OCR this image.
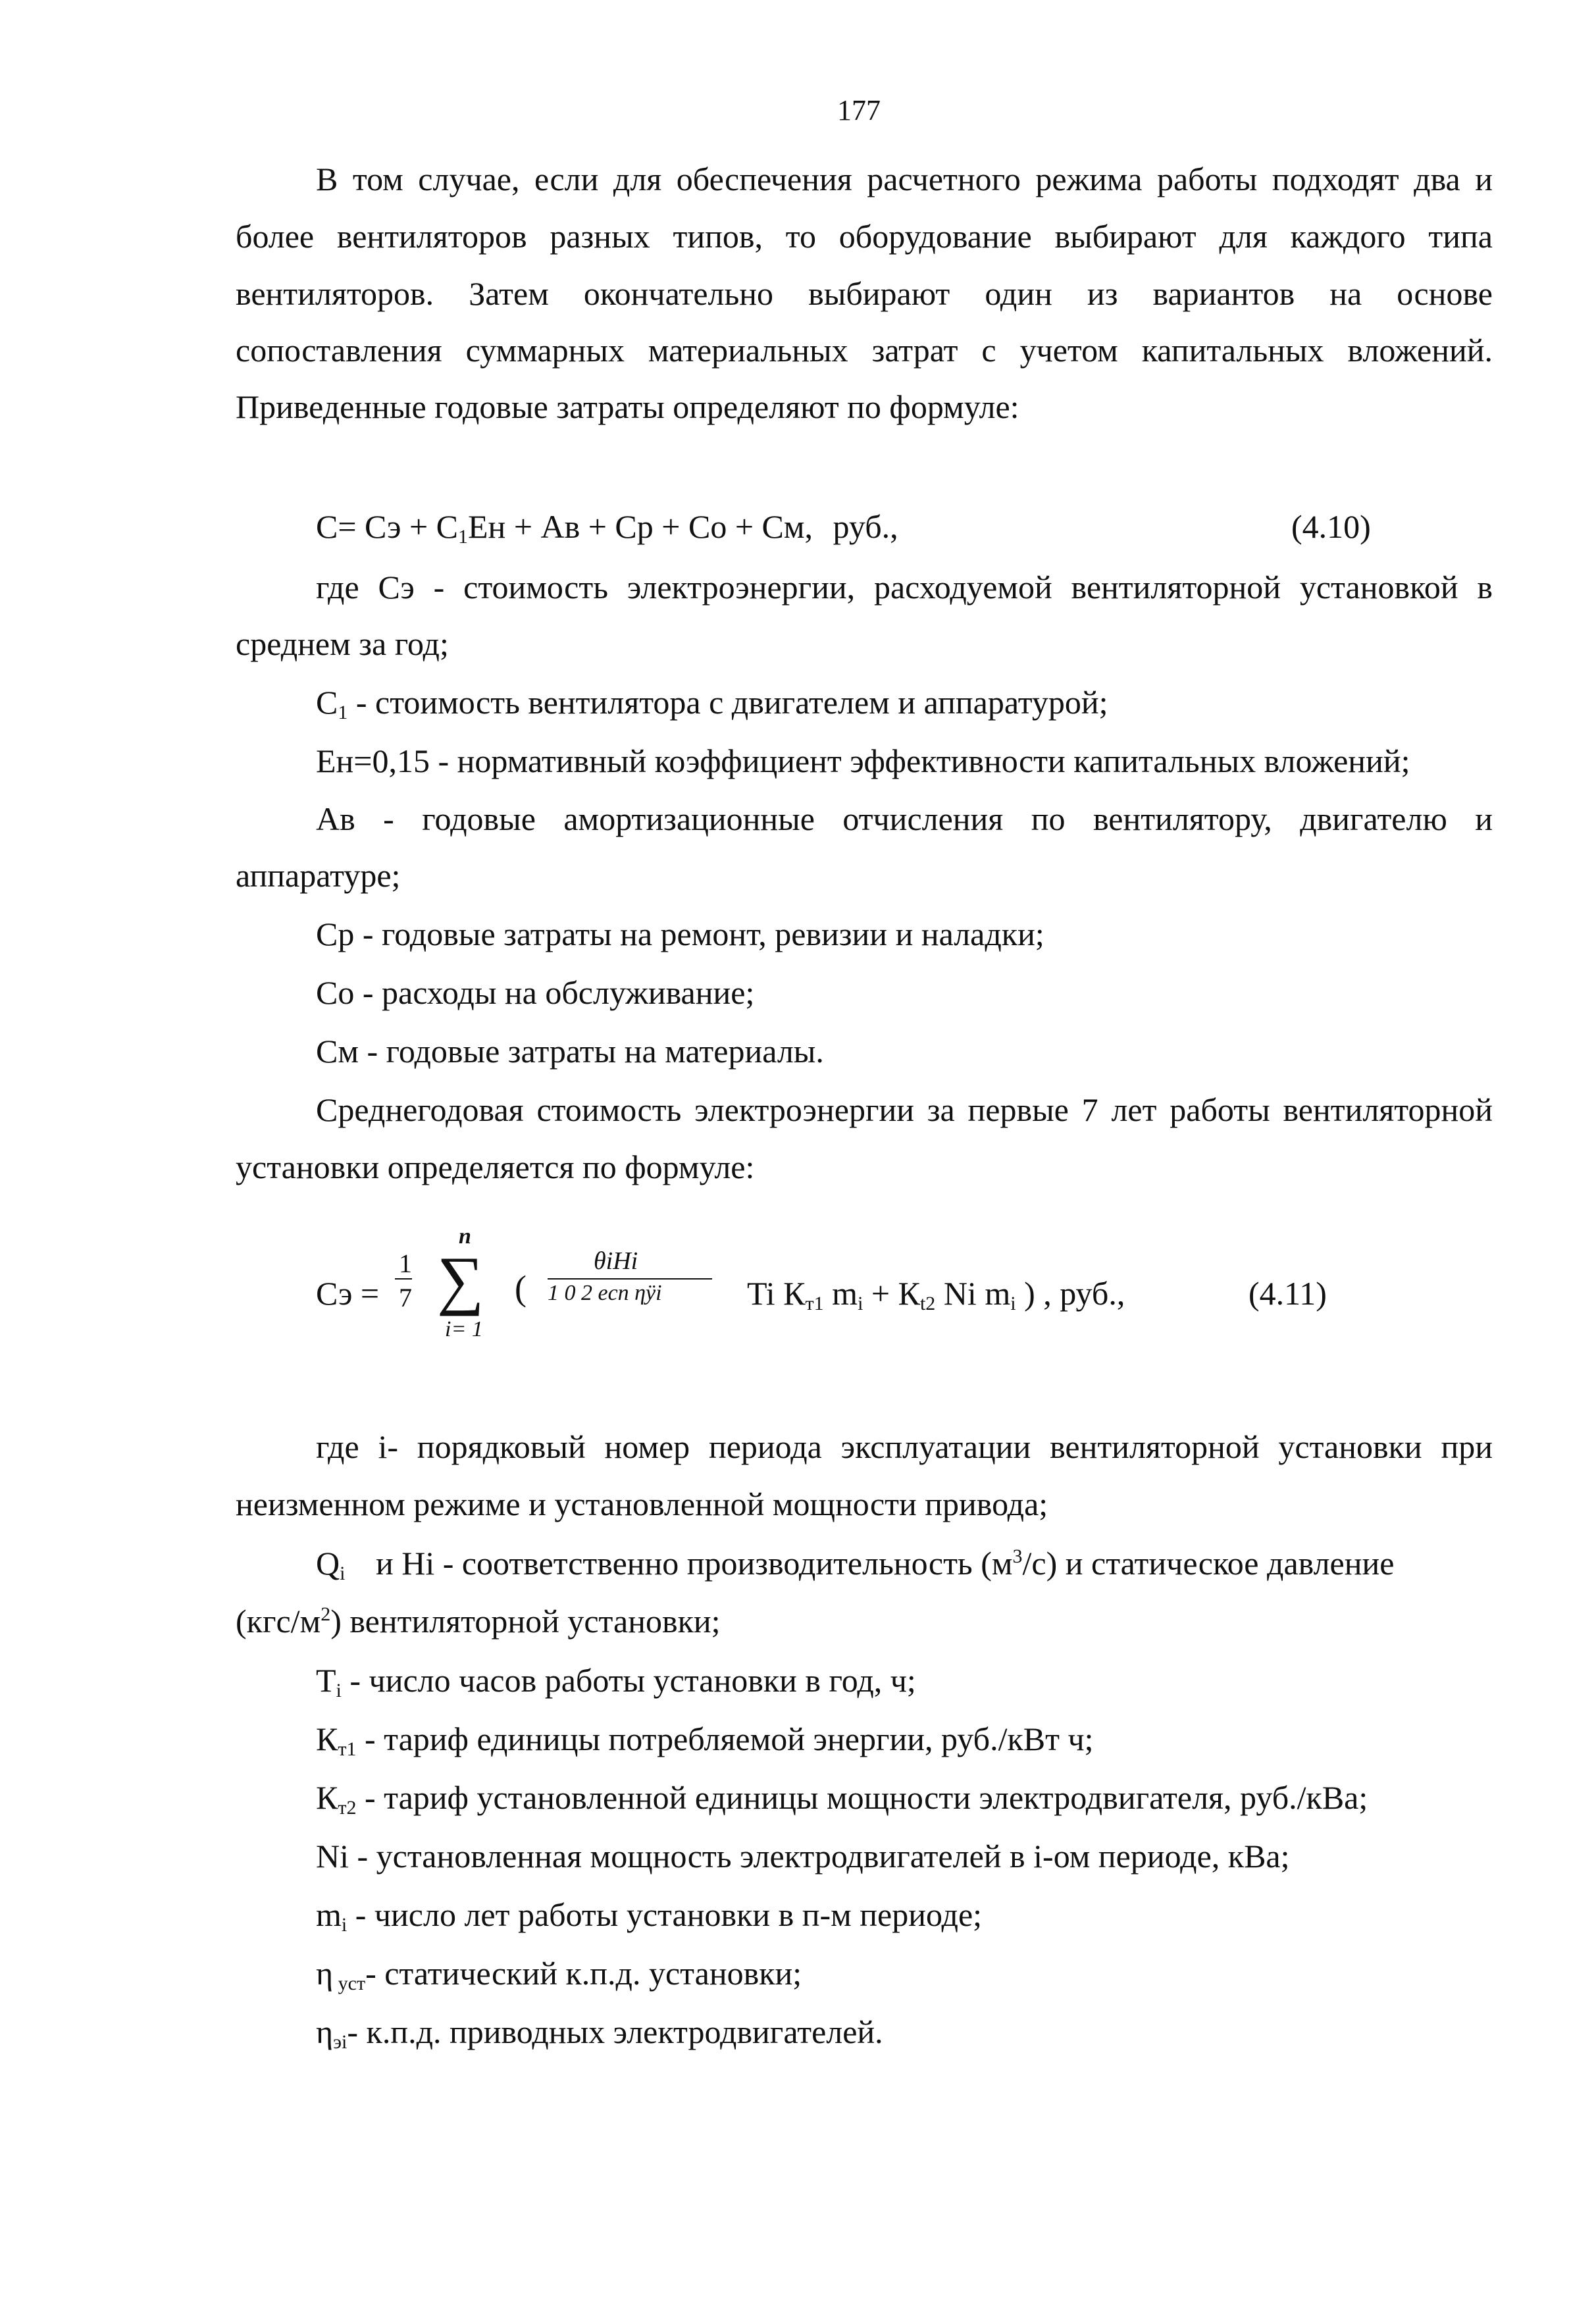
177
В том случае, если для обеспечения расчетного режима работы подходят два и
более вентиляторов разных типов, то оборудование выбирают для каждого типа
вентиляторов. Затем окончательно выбирают один из вариантов на основе
сопоставления суммарных материальных затрат с учетом капитальных вложений.
Приведенные годовые затраты определяют по формуле:
С= Сэ + $С_1Ен$ + Ав + Ср + Со + См, руб.,	(4.10)
где Сэ - стоимость электроэнергии, расходуемой вентиляторной установкой в
среднем за год;
$С_1$ - стоимость вентилятора с двигателем и аппаратурой;
Ен=0,15 - нормативный коэффициент эффективности капитальных вложений;
Ав - годовые амортизационные отчисления по вентилятору, двигателю и
аппаратуре;
Ср - годовые затраты на ремонт, ревизии и наладки;
Со - расходы на обслуживание;
См - годовые затраты на материалы.
Среднегодовая стоимость электроэнергии за первые 7 лет работы вентиляторной
установки определяется по формуле:
Сэ =
1
7
n
∑
i= 1
(
θiHi
1 0 2 eсп ηÿi	Ti $К_{т1}$ $m_i + К_{t2}$ Ni $m_i$ ) , руб.,	(4.11)
где i- порядковый номер периода эксплуатации вентиляторной установки при
неизменном режиме и установленной мощности привода;
$Q_i$ и Hi - соответственно производительность $(м^3/с)$ и статическое давление
$(кгс/м^2)$ вентиляторной установки;
$T_i$ - число часов работы установки в год, ч;
$К_{т1}$ - тариф единицы потребляемой энергии, руб./кВт ч;
$К_{т2}$ - тариф установленной единицы мощности электродвигателя, руб./кВа;
Ni - установленная мощность электродвигателей в i-ом периоде, кВа;
$m_i$ - число лет работы установки в п-м периоде;
η $_{уст}$- статический к.п.д. установки;
$\eta_{эi}-$ к.п.д. приводных электродвигателей.
